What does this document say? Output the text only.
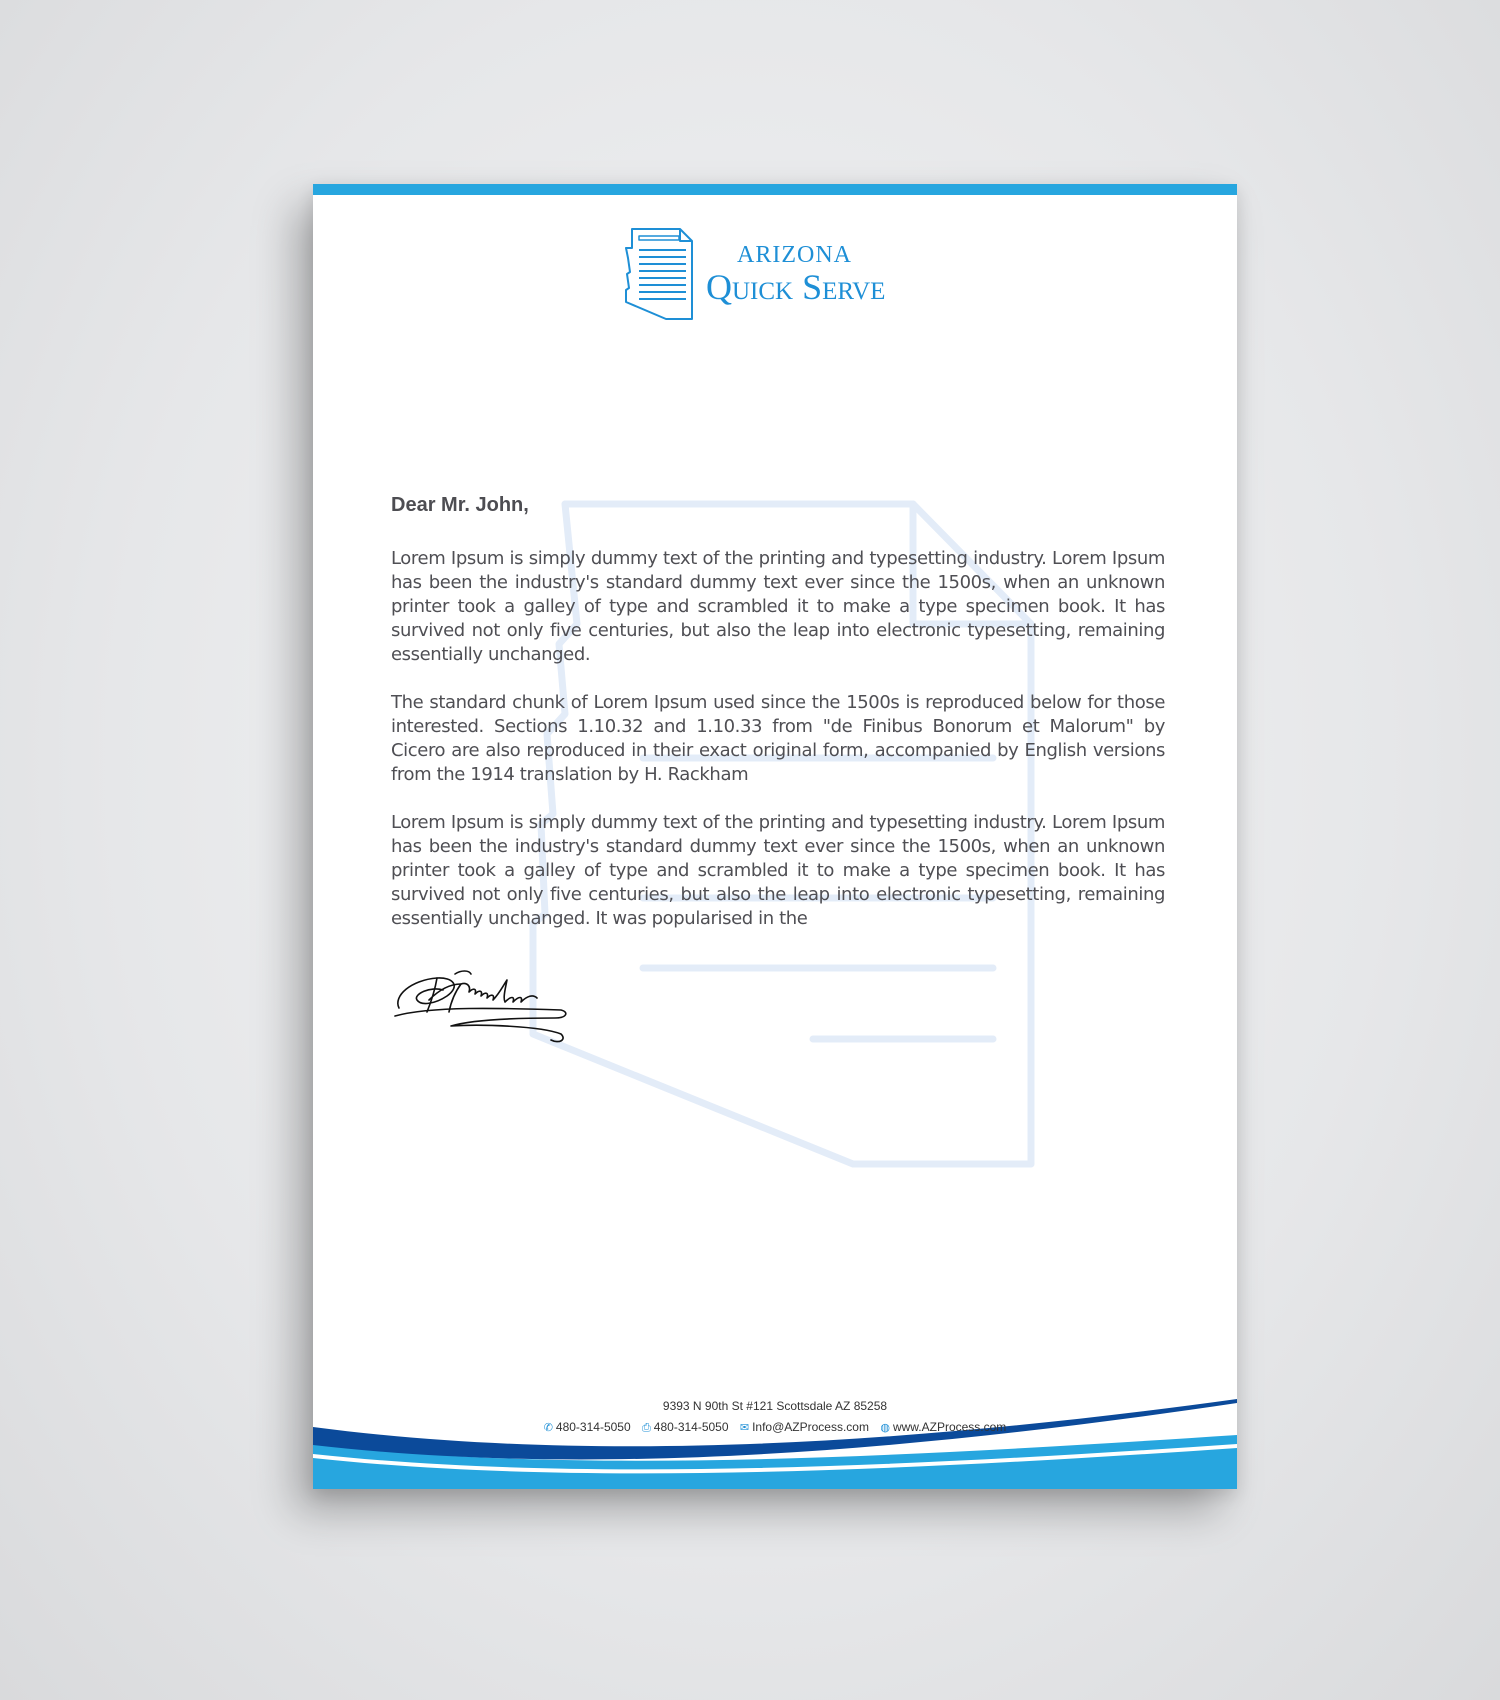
ARIZONA
Quick Serve
Dear Mr. John,

Lorem Ipsum is simply dummy text of the printing and typesetting industry. Lorem Ipsum has been the industry's standard dummy text ever since the 1500s, when an unknown printer took a galley of type and scrambled it to make a type specimen book. It has survived not only five centuries, but also the leap into electronic typesetting, remaining essentially unchanged.

The standard chunk of Lorem Ipsum used since the 1500s is reproduced below for those interested. Sections 1.10.32 and 1.10.33 from "de Finibus Bonorum et Malorum" by Cicero are also reproduced in their exact original form, accompanied by English versions from the 1914 translation by H. Rackham

Lorem Ipsum is simply dummy text of the printing and typesetting industry. Lorem Ipsum has been the industry's standard dummy text ever since the 1500s, when an unknown printer took a galley of type and scrambled it to make a type specimen book. It has survived not only five centuries, but also the leap into electronic typesetting, remaining essentially unchanged. It was popularised in the

9393 N 90th St #121 Scottsdale AZ 85258
✆ 480-314-5050 ⎙ 480-314-5050 ✉ Info@AZProcess.com ◍ www.AZProcess.com
